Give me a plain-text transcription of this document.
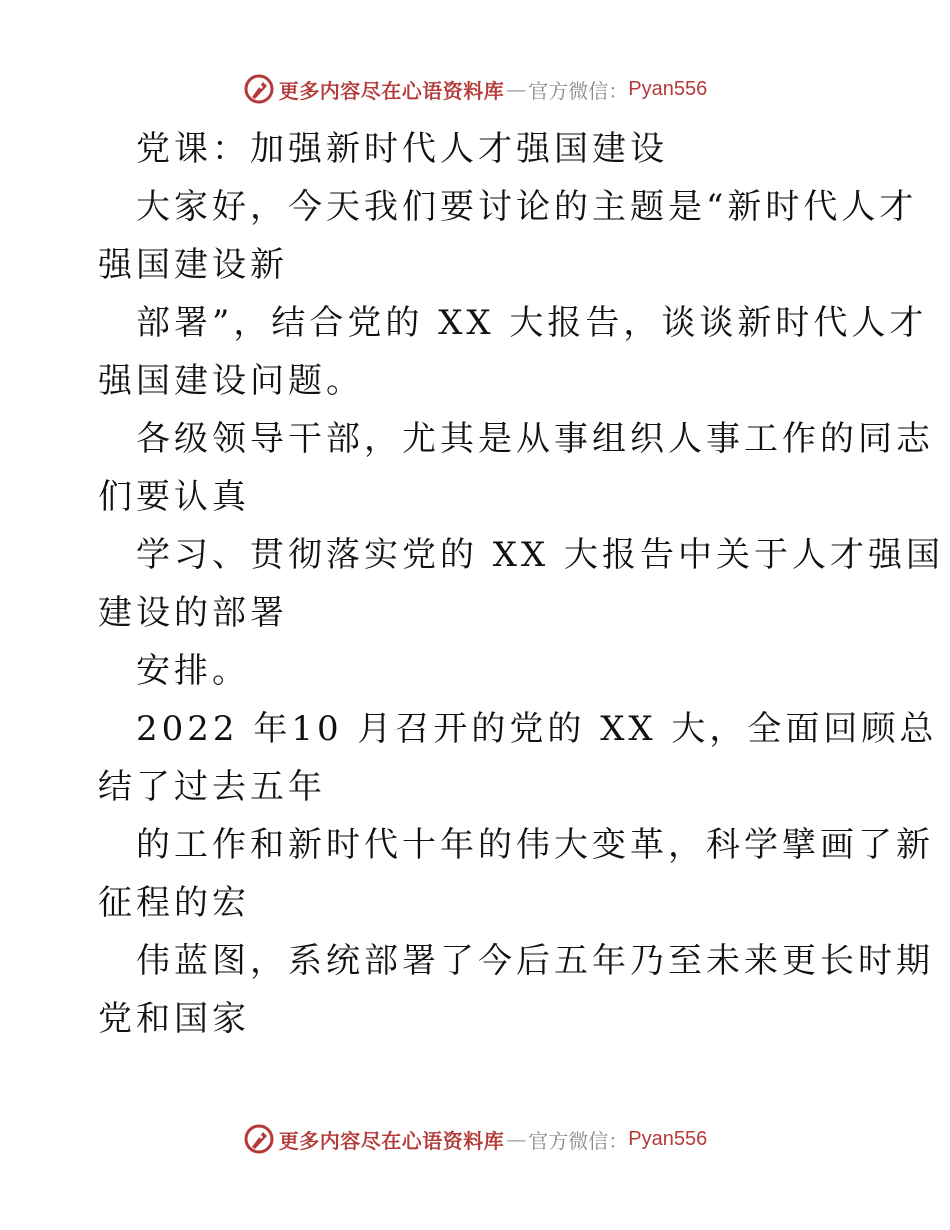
更多内容尽在心语资料库 — 官方微信： Pyan556
党课：加强新时代人才强国建设
大家好，今天我们要讨论的主题是“新时代人才
强国建设新
部署”，结合党的 XX 大报告，谈谈新时代人才
强国建设问题。
各级领导干部，尤其是从事组织人事工作的同志
们要认真
学习、贯彻落实党的 XX 大报告中关于人才强国
建设的部署
安排。
2022 年10 月召开的党的 XX 大，全面回顾总
结了过去五年
的工作和新时代十年的伟大变革，科学擘画了新
征程的宏
伟蓝图，系统部署了今后五年乃至未来更长时期
党和国家
更多内容尽在心语资料库 — 官方微信： Pyan556
